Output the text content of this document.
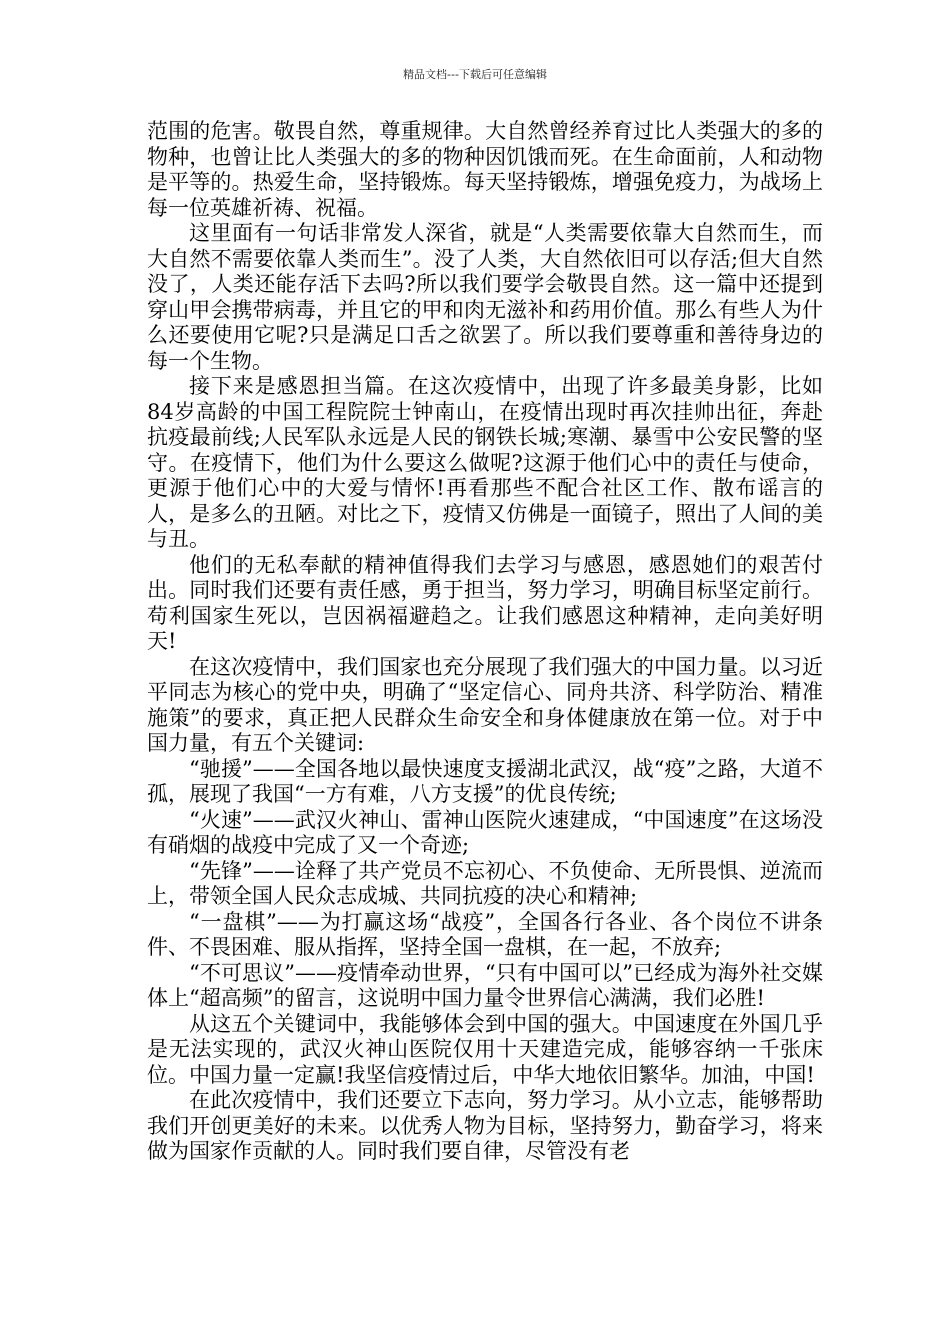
精品文档---下载后可任意编辑

范围的危害。敬畏自然，尊重规律。大自然曾经养育过比人类强大的多的物种，也曾让比人类强大的多的物种因饥饿而死。在生命面前，人和动物是平等的。热爱生命，坚持锻炼。每天坚持锻炼，增强免疫力，为战场上每一位英雄祈祷、祝福。

这里面有一句话非常发人深省，就是“人类需要依靠大自然而生，而大自然不需要依靠人类而生”。没了人类，大自然依旧可以存活;但大自然没了，人类还能存活下去吗?所以我们要学会敬畏自然。这一篇中还提到穿山甲会携带病毒，并且它的甲和肉无滋补和药用价值。那么有些人为什么还要使用它呢?只是满足口舌之欲罢了。所以我们要尊重和善待身边的每一个生物。

接下来是感恩担当篇。在这次疫情中，出现了许多最美身影，比如84岁高龄的中国工程院院士钟南山，在疫情出现时再次挂帅出征，奔赴抗疫最前线;人民军队永远是人民的钢铁长城;寒潮、暴雪中公安民警的坚守。在疫情下，他们为什么要这么做呢?这源于他们心中的责任与使命，更源于他们心中的大爱与情怀!再看那些不配合社区工作、散布谣言的人，是多么的丑陋。对比之下，疫情又仿佛是一面镜子，照出了人间的美与丑。

他们的无私奉献的精神值得我们去学习与感恩，感恩她们的艰苦付出。同时我们还要有责任感，勇于担当，努力学习，明确目标坚定前行。苟利国家生死以，岂因祸福避趋之。让我们感恩这种精神，走向美好明天!

在这次疫情中，我们国家也充分展现了我们强大的中国力量。以习近平同志为核心的党中央，明确了“坚定信心、同舟共济、科学防治、精准施策”的要求，真正把人民群众生命安全和身体健康放在第一位。对于中国力量，有五个关键词:

“驰援”——全国各地以最快速度支援湖北武汉，战“疫”之路，大道不孤，展现了我国“一方有难，八方支援”的优良传统;

“火速”——武汉火神山、雷神山医院火速建成，“中国速度”在这场没有硝烟的战疫中完成了又一个奇迹;

“先锋”——诠释了共产党员不忘初心、不负使命、无所畏惧、逆流而上，带领全国人民众志成城、共同抗疫的决心和精神;

“一盘棋”——为打赢这场“战疫”，全国各行各业、各个岗位不讲条件、不畏困难、服从指挥，坚持全国一盘棋，在一起，不放弃;

“不可思议”——疫情牵动世界，“只有中国可以”已经成为海外社交媒体上“超高频”的留言，这说明中国力量令世界信心满满，我们必胜!

从这五个关键词中，我能够体会到中国的强大。中国速度在外国几乎是无法实现的，武汉火神山医院仅用十天建造完成，能够容纳一千张床位。中国力量一定赢!我坚信疫情过后，中华大地依旧繁华。加油，中国!

在此次疫情中，我们还要立下志向，努力学习。从小立志，能够帮助我们开创更美好的未来。以优秀人物为目标，坚持努力，勤奋学习，将来做为国家作贡献的人。同时我们要自律，尽管没有老
